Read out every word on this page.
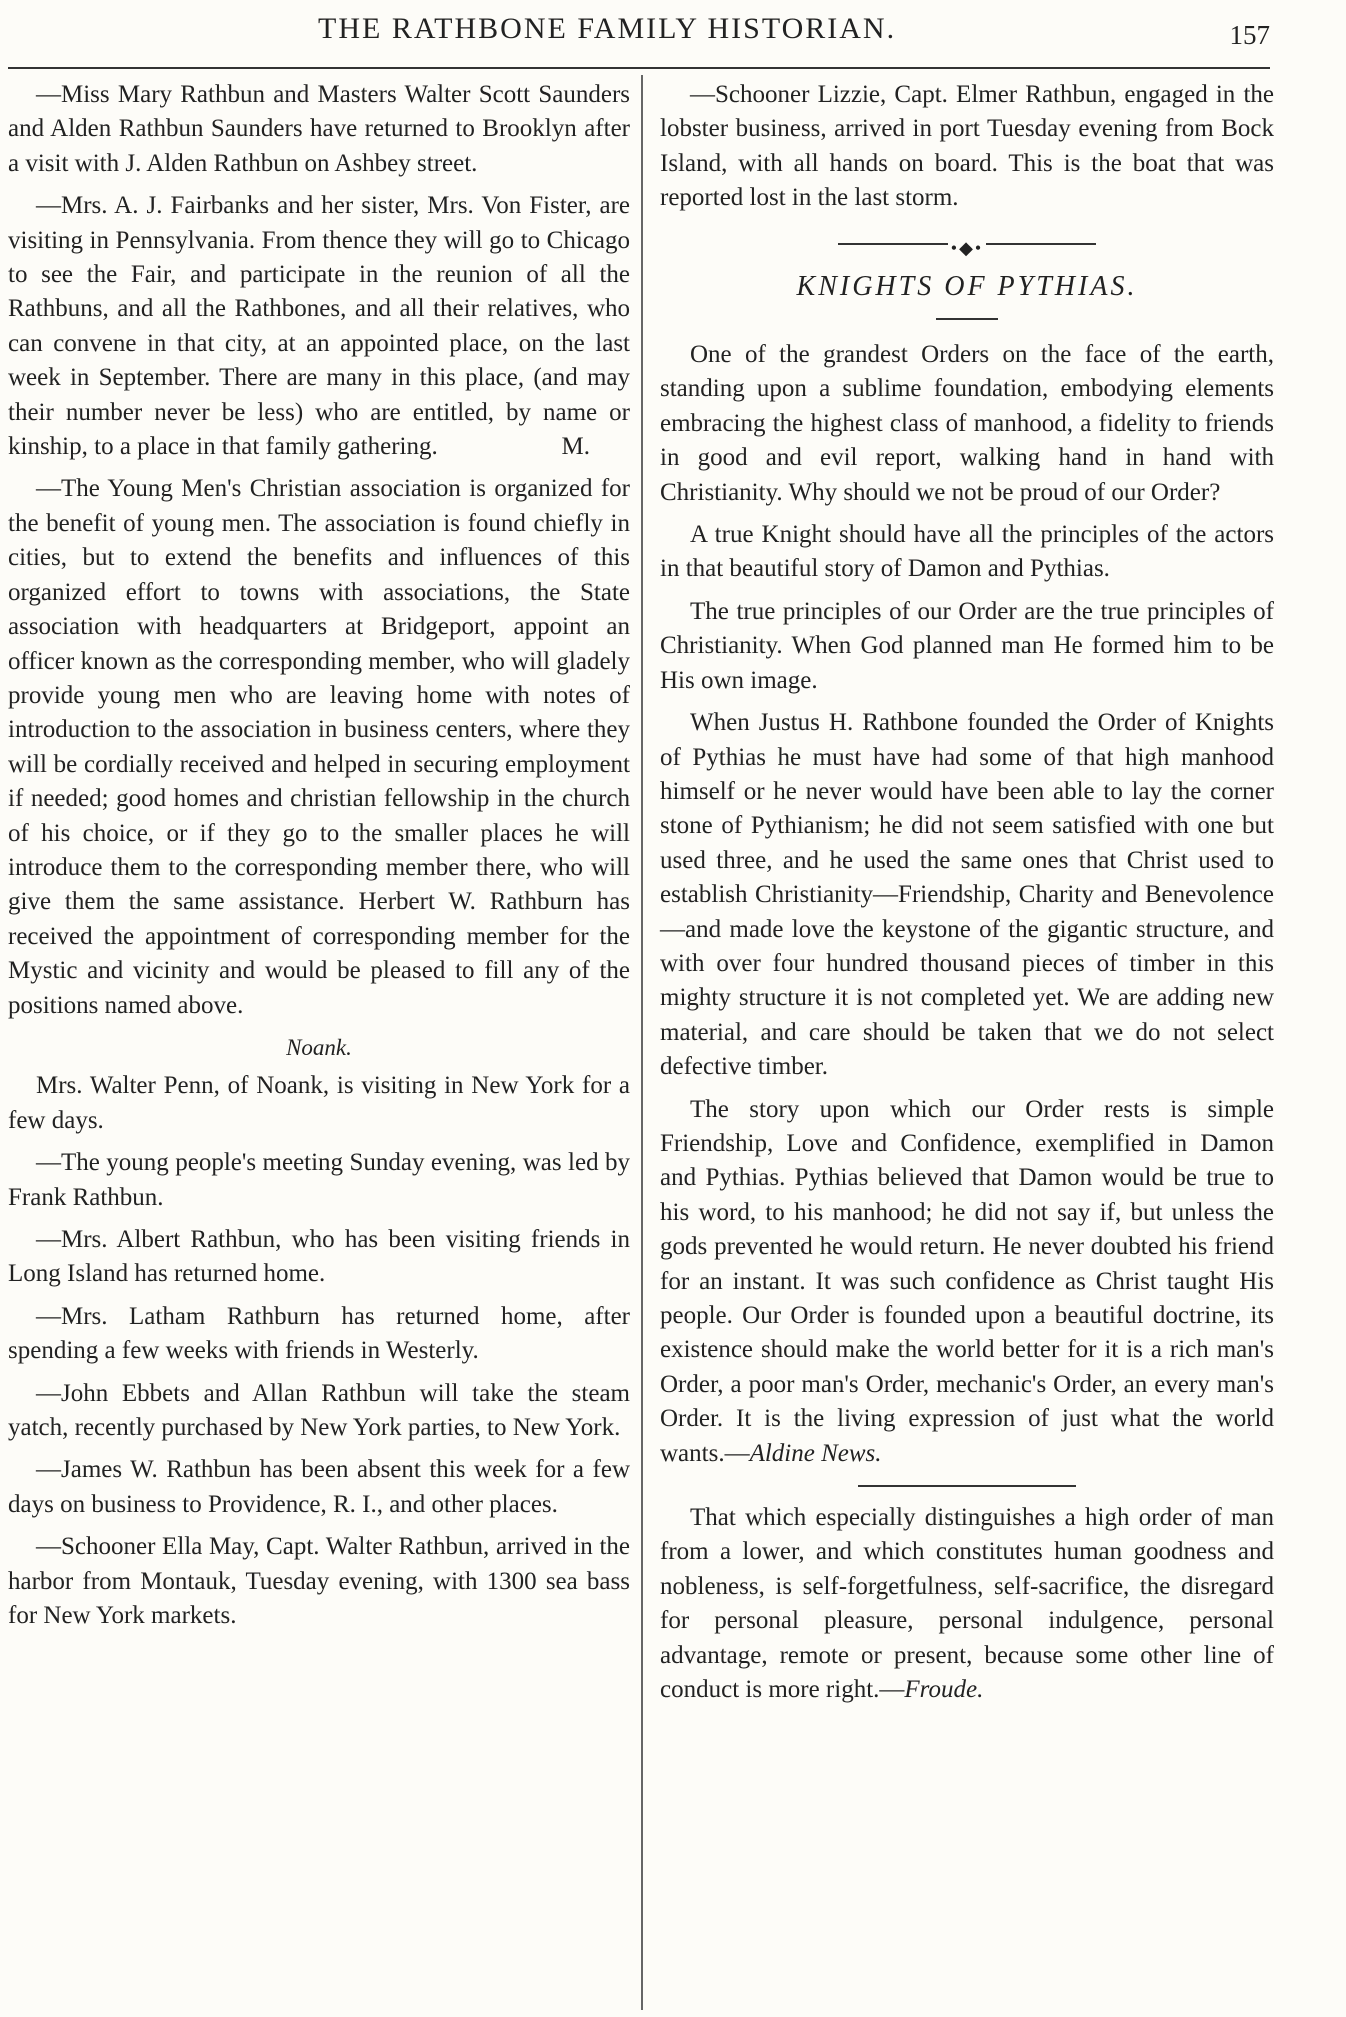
THE RATHBONE FAMILY HISTORIAN.	157

—Miss Mary Rathbun and Masters Walter Scott Saunders and Alden Rathbun Saunders have returned to Brooklyn after a visit with J. Alden Rathbun on Ashbey street.

—Mrs. A. J. Fairbanks and her sister, Mrs. Von Fister, are visiting in Pennsylvania. From thence they will go to Chicago to see the Fair, and participate in the reunion of all the Rathbuns, and all the Rathbones, and all their relatives, who can convene in that city, at an appointed place, on the last week in September. There are many in this place, (and may their number never be less) who are entitled, by name or kinship, to a place in that family gathering.	M.

—The Young Men's Christian association is organized for the benefit of young men. The association is found chiefly in cities, but to extend the benefits and influences of this organized effort to towns with associations, the State association with headquarters at Bridgeport, appoint an officer known as the corresponding member, who will gladely provide young men who are leaving home with notes of introduction to the association in business centers, where they will be cordially received and helped in securing employment if needed; good homes and christian fellowship in the church of his choice, or if they go to the smaller places he will introduce them to the corresponding member there, who will give them the same assistance. Herbert W. Rathburn has received the appointment of corresponding member for the Mystic and vicinity and would be pleased to fill any of the positions named above.

Noank.

Mrs. Walter Penn, of Noank, is visiting in New York for a few days.

—The young people's meeting Sunday evening, was led by Frank Rathbun.

—Mrs. Albert Rathbun, who has been visiting friends in Long Island has returned home.

—Mrs. Latham Rathburn has returned home, after spending a few weeks with friends in Westerly.

—John Ebbets and Allan Rathbun will take the steam yatch, recently purchased by New York parties, to New York.

—James W. Rathbun has been absent this week for a few days on business to Providence, R. I., and other places.

—Schooner Ella May, Capt. Walter Rathbun, arrived in the harbor from Montauk, Tuesday evening, with 1300 sea bass for New York markets.

—Schooner Lizzie, Capt. Elmer Rathbun, engaged in the lobster business, arrived in port Tuesday evening from Bock Island, with all hands on board. This is the boat that was reported lost in the last storm.

•◆•
KNIGHTS OF PYTHIAS.

One of the grandest Orders on the face of the earth, standing upon a sublime foundation, embodying elements embracing the highest class of manhood, a fidelity to friends in good and evil report, walking hand in hand with Christianity. Why should we not be proud of our Order?

A true Knight should have all the principles of the actors in that beautiful story of Damon and Pythias.

The true principles of our Order are the true principles of Christianity. When God planned man He formed him to be His own image.

When Justus H. Rathbone founded the Order of Knights of Pythias he must have had some of that high manhood himself or he never would have been able to lay the corner stone of Pythianism; he did not seem satisfied with one but used three, and he used the same ones that Christ used to establish Christianity—Friendship, Charity and Benevolence—and made love the keystone of the gigantic structure, and with over four hundred thousand pieces of timber in this mighty structure it is not completed yet. We are adding new material, and care should be taken that we do not select defective timber.

The story upon which our Order rests is simple Friendship, Love and Confidence, exemplified in Damon and Pythias. Pythias believed that Damon would be true to his word, to his manhood; he did not say if, but unless the gods prevented he would return. He never doubted his friend for an instant. It was such confidence as Christ taught His people. Our Order is founded upon a beautiful doctrine, its existence should make the world better for it is a rich man's Order, a poor man's Order, mechanic's Order, an every man's Order. It is the living expression of just what the world wants.—Aldine News.

That which especially distinguishes a high order of man from a lower, and which constitutes human goodness and nobleness, is self-forgetfulness, self-sacrifice, the disregard for personal pleasure, personal indulgence, personal advantage, remote or present, because some other line of conduct is more right.—Froude.
